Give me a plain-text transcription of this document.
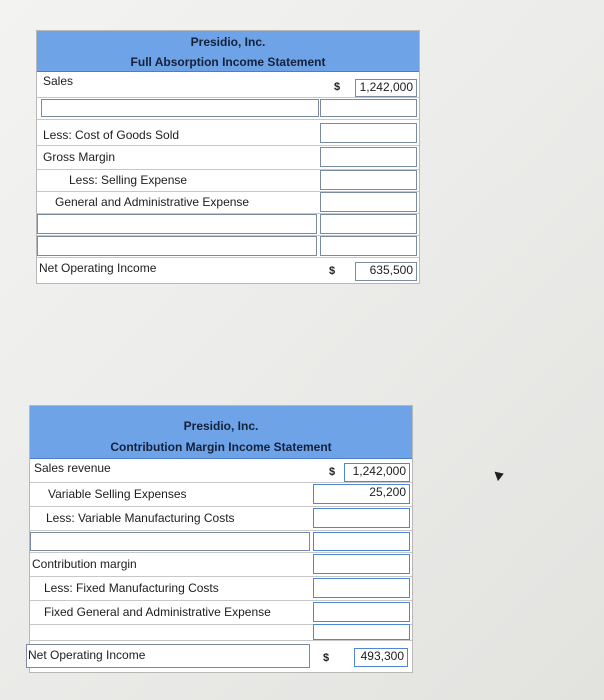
Presidio, Inc.
Full Absorption Income Statement
Sales	$	1,242,000
Less: Cost of Goods Sold
Gross Margin
Less: Selling Expense
General and Administrative Expense
Net Operating Income	$	635,500
Presidio, Inc.
Contribution Margin Income Statement
Sales revenue	$	1,242,000
Variable Selling Expenses	25,200
Less: Variable Manufacturing Costs
Contribution margin
Less: Fixed Manufacturing Costs
Fixed General and Administrative Expense
Net Operating Income	$	493,300
